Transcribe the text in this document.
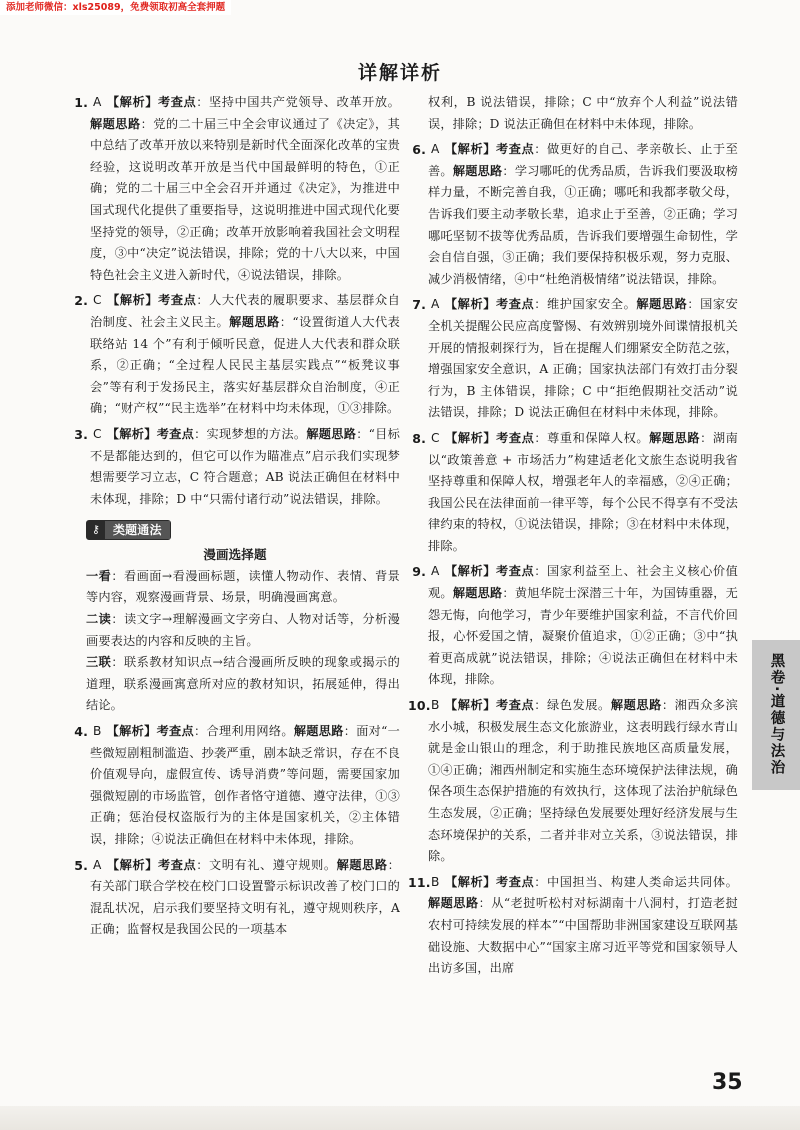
添加老师微信：xls25089，免费领取初高全套押题
详解详析
1. A 【解析】考查点：坚持中国共产党领导、改革开放。解题思路：党的二十届三中全会审议通过了《决定》，其中总结了改革开放以来特别是新时代全面深化改革的宝贵经验，这说明改革开放是当代中国最鲜明的特色，①正确；党的二十届三中全会召开并通过《决定》，为推进中国式现代化提供了重要指导，这说明推进中国式现代化要坚持党的领导，②正确；改革开放影响着我国社会文明程度，③中“决定”说法错误，排除；党的十八大以来，中国特色社会主义进入新时代，④说法错误，排除。
2. C 【解析】考查点：人大代表的履职要求、基层群众自治制度、社会主义民主。解题思路：“设置街道人大代表联络站 14 个”有利于倾听民意，促进人大代表和群众联系，②正确；“全过程人民民主基层实践点”“板凳议事会”等有利于发扬民主，落实好基层群众自治制度，④正确；“财产权”“民主选举”在材料中均未体现，①③排除。
3. C 【解析】考查点：实现梦想的方法。解题思路：“目标不是都能达到的，但它可以作为瞄准点”启示我们实现梦想需要学习立志，C 符合题意；AB 说法正确但在材料中未体现，排除；D 中“只需付诸行动”说法错误，排除。
⚷	类题通法
漫画选择题

一看：看画面→看漫画标题，读懂人物动作、表情、背景等内容，观察漫画背景、场景，明确漫画寓意。

二读：读文字→理解漫画文字旁白、人物对话等，分析漫画要表达的内容和反映的主旨。

三联：联系教材知识点→结合漫画所反映的现象或揭示的道理，联系漫画寓意所对应的教材知识，拓展延伸，得出结论。

4. B 【解析】考查点：合理利用网络。解题思路：面对“一些微短剧粗制滥造、抄袭严重，剧本缺乏常识，存在不良价值观导向，虚假宣传、诱导消费”等问题，需要国家加强微短剧的市场监管，创作者恪守道德、遵守法律，①③正确；惩治侵权盗版行为的主体是国家机关，②主体错误，排除；④说法正确但在材料中未体现，排除。
5. A 【解析】考查点：文明有礼、遵守规则。解题思路：有关部门联合学校在校门口设置警示标识改善了校门口的混乱状况，启示我们要坚持文明有礼，遵守规则秩序，A 正确；监督权是我国公民的一项基本
权利，B 说法错误，排除；C 中“放弃个人利益”说法错误，排除；D 说法正确但在材料中未体现，排除。
6. A 【解析】考查点：做更好的自己、孝亲敬长、止于至善。解题思路：学习哪吒的优秀品质，告诉我们要汲取榜样力量，不断完善自我，①正确；哪吒和我都孝敬父母，告诉我们要主动孝敬长辈，追求止于至善，②正确；学习哪吒坚韧不拔等优秀品质，告诉我们要增强生命韧性，学会自信自强，③正确；我们要保持积极乐观，努力克服、减少消极情绪，④中“杜绝消极情绪”说法错误，排除。
7. A 【解析】考查点：维护国家安全。解题思路：国家安全机关提醒公民应高度警惕、有效辨别境外间谍情报机关开展的情报刺探行为，旨在提醒人们绷紧安全防范之弦，增强国家安全意识，A 正确；国家执法部门有效打击分裂行为，B 主体错误，排除；C 中“拒绝假期社交活动”说法错误，排除；D 说法正确但在材料中未体现，排除。
8. C 【解析】考查点：尊重和保障人权。解题思路：湖南以“政策善意 + 市场活力”构建适老化文旅生态说明我省坚持尊重和保障人权，增强老年人的幸福感，②④正确；我国公民在法律面前一律平等，每个公民不得享有不受法律约束的特权，①说法错误，排除；③在材料中未体现，排除。
9. A 【解析】考查点：国家利益至上、社会主义核心价值观。解题思路：黄旭华院士深潜三十年，为国铸重器，无怨无悔，向他学习，青少年要维护国家利益，不言代价回报，心怀爱国之情，凝聚价值追求，①②正确；③中“执着更高成就”说法错误，排除；④说法正确但在材料中未体现，排除。
10. B 【解析】考查点：绿色发展。解题思路：湘西众多滨水小城，积极发展生态文化旅游业，这表明践行绿水青山就是金山银山的理念，利于助推民族地区高质量发展，①④正确；湘西州制定和实施生态环境保护法律法规，确保各项生态保护措施的有效执行，这体现了法治护航绿色生态发展，②正确；坚持绿色发展要处理好经济发展与生态环境保护的关系，二者并非对立关系，③说法错误，排除。
11. B 【解析】考查点：中国担当、构建人类命运共同体。解题思路：从“老挝听松村对标湖南十八洞村，打造老挝农村可持续发展的样本”“中国帮助非洲国家建设互联网基础设施、大数据中心”“国家主席习近平等党和国家领导人出访多国，出席
黑卷·道德与法治
35
